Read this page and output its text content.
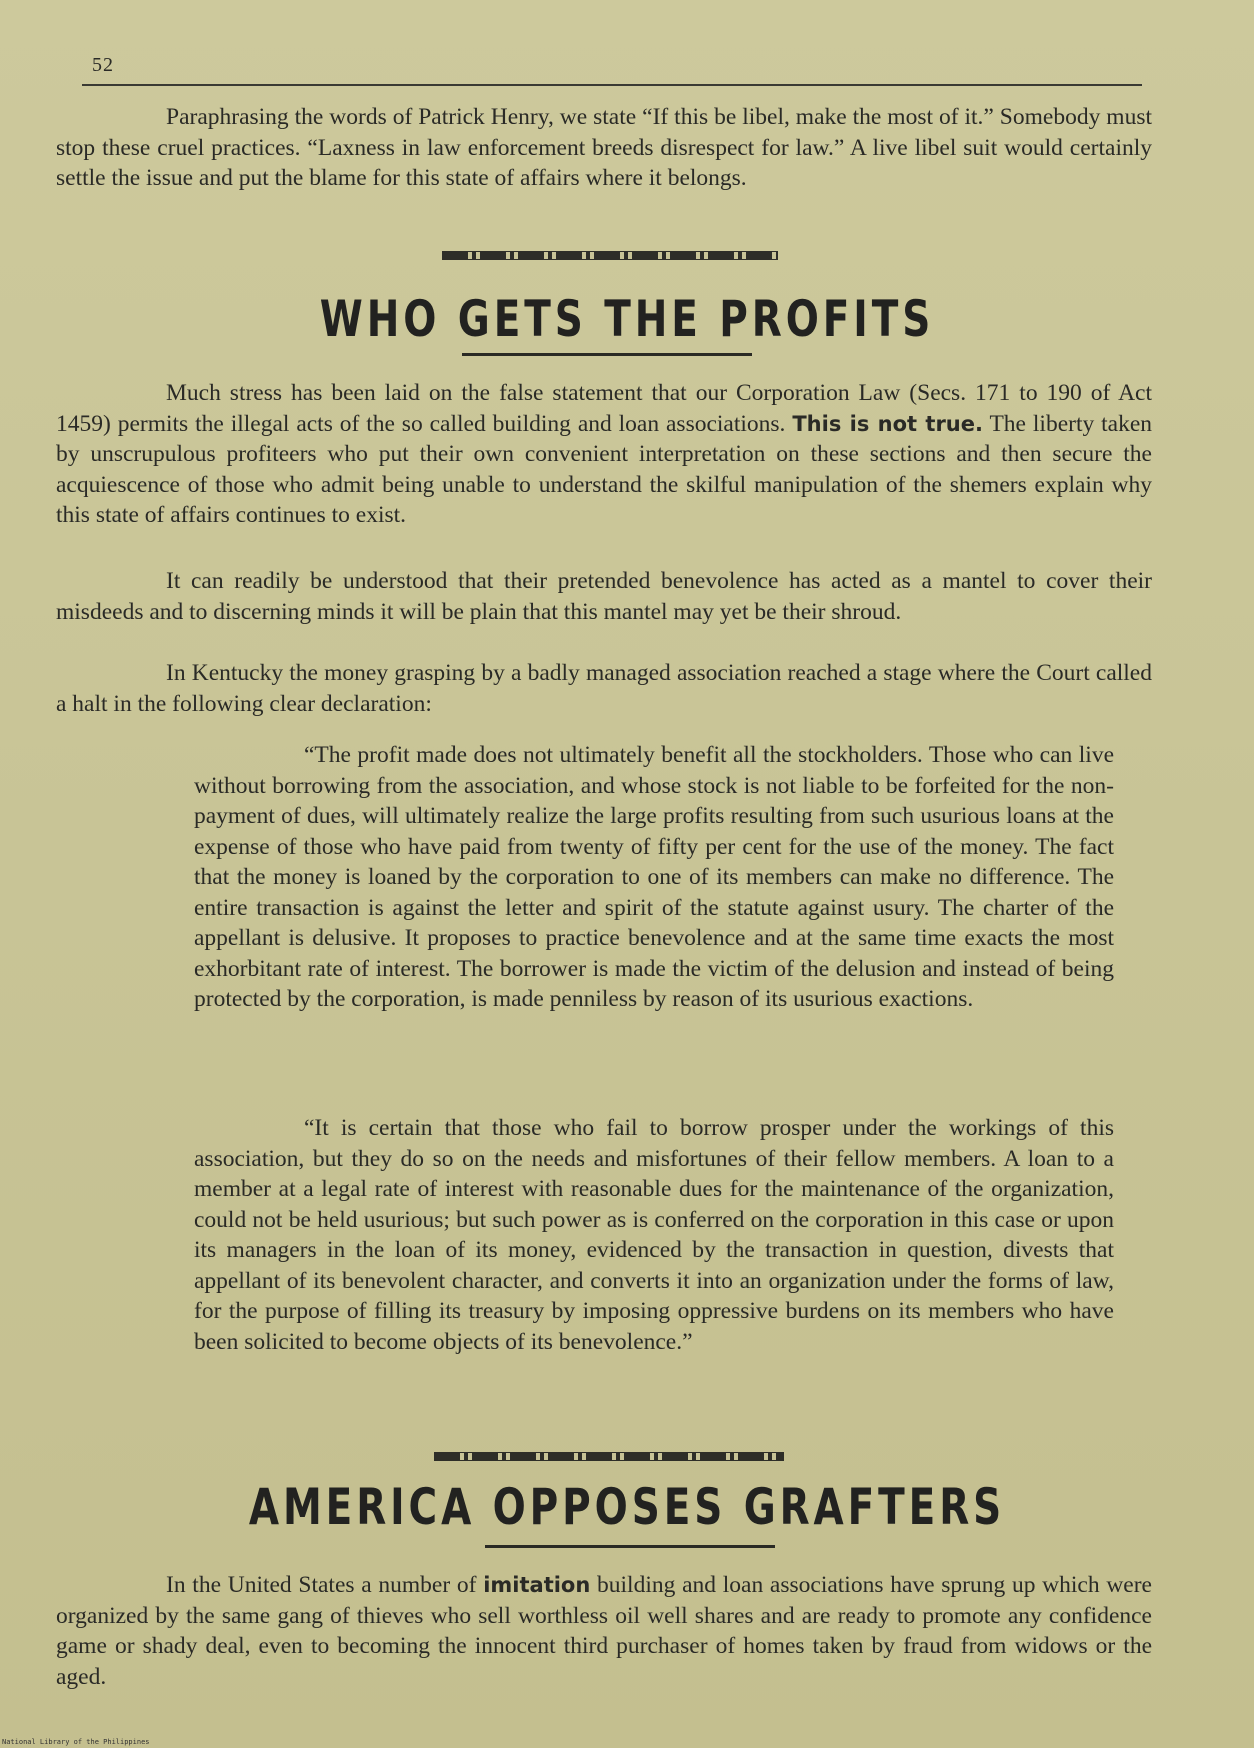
52

Paraphrasing the words of Patrick Henry, we state “If this be libel, make the most of it.” Somebody must stop these cruel practices. “Laxness in law enforcement breeds disrespect for law.” A live libel suit would certainly settle the issue and put the blame for this state of affairs where it belongs.

WHO GETS THE PROFITS

Much stress has been laid on the false statement that our Corporation Law (Secs. 171 to 190 of Act 1459) permits the illegal acts of the so called building and loan associations. This is not true. The liberty taken by unscrupulous profiteers who put their own convenient interpretation on these sections and then secure the acquiescence of those who admit being unable to understand the skilful manipulation of the shemers explain why this state of affairs continues to exist.

It can readily be understood that their pretended benevolence has acted as a mantel to cover their misdeeds and to discerning minds it will be plain that this mantel may yet be their shroud.

In Kentucky the money grasping by a badly managed association reached a stage where the Court called a halt in the following clear declaration:

“The profit made does not ultimately benefit all the stockholders. Those who can live without borrowing from the association, and whose stock is not liable to be forfeited for the non-payment of dues, will ultimately realize the large profits resulting from such usurious loans at the expense of those who have paid from twenty of fifty per cent for the use of the money. The fact that the money is loaned by the corporation to one of its members can make no difference. The entire transaction is against the letter and spirit of the statute against usury. The charter of the appellant is delusive. It proposes to practice benevolence and at the same time exacts the most exhorbitant rate of interest. The borrower is made the victim of the delusion and instead of being protected by the corporation, is made penniless by reason of its usurious exactions.

“It is certain that those who fail to borrow prosper under the workings of this association, but they do so on the needs and misfortunes of their fellow members. A loan to a member at a legal rate of interest with reasonable dues for the maintenance of the organization, could not be held usurious; but such power as is conferred on the corporation in this case or upon its managers in the loan of its money, evidenced by the transaction in question, divests that appellant of its benevolent character, and converts it into an organization under the forms of law, for the purpose of filling its treasury by imposing oppressive burdens on its members who have been solicited to become objects of its benevolence.”

AMERICA OPPOSES GRAFTERS

In the United States a number of imitation building and loan associations have sprung up which were organized by the same gang of thieves who sell worthless oil well shares and are ready to promote any confidence game or shady deal, even to becoming the innocent third purchaser of homes taken by fraud from widows or the aged.

National Library of the Philippines
